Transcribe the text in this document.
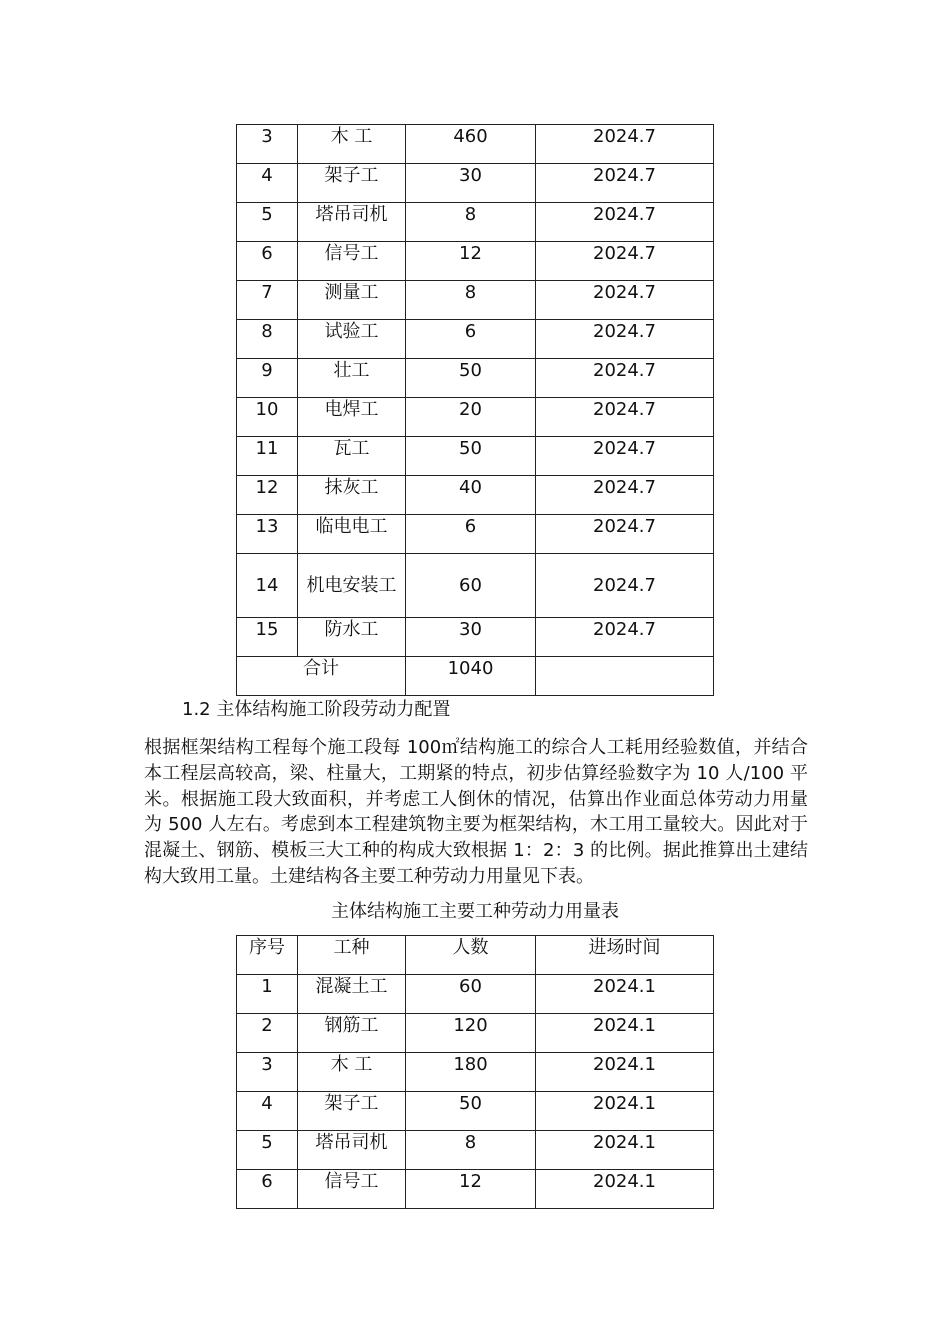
3	木 工	460	2024.7
4	架子工	30	2024.7
5	塔吊司机	8	2024.7
6	信号工	12	2024.7
7	测量工	8	2024.7
8	试验工	6	2024.7
9	壮工	50	2024.7
10	电焊工	20	2024.7
11	瓦工	50	2024.7
12	抹灰工	40	2024.7
13	临电电工	6	2024.7
14	机电安装工	60	2024.7
15	防水工	30	2024.7
合计		1040	
1.2 主体结构施工阶段劳动力配置

根据框架结构工程每个施工段每 100㎡结构施工的综合人工耗用经验数值，并结合本工程层高较高，梁、柱量大，工期紧的特点，初步估算经验数字为 10 人/100 平米。根据施工段大致面积，并考虑工人倒休的情况，估算出作业面总体劳动力用量为 500 人左右。考虑到本工程建筑物主要为框架结构，木工用工量较大。因此对于混凝土、钢筋、模板三大工种的构成大致根据 1：2：3 的比例。据此推算出土建结构大致用工量。土建结构各主要工种劳动力用量见下表。

主体结构施工主要工种劳动力用量表
序号	工种	人数	进场时间
1	混凝土工	60	2024.1
2	钢筋工	120	2024.1
3	木 工	180	2024.1
4	架子工	50	2024.1
5	塔吊司机	8	2024.1
6	信号工	12	2024.1
